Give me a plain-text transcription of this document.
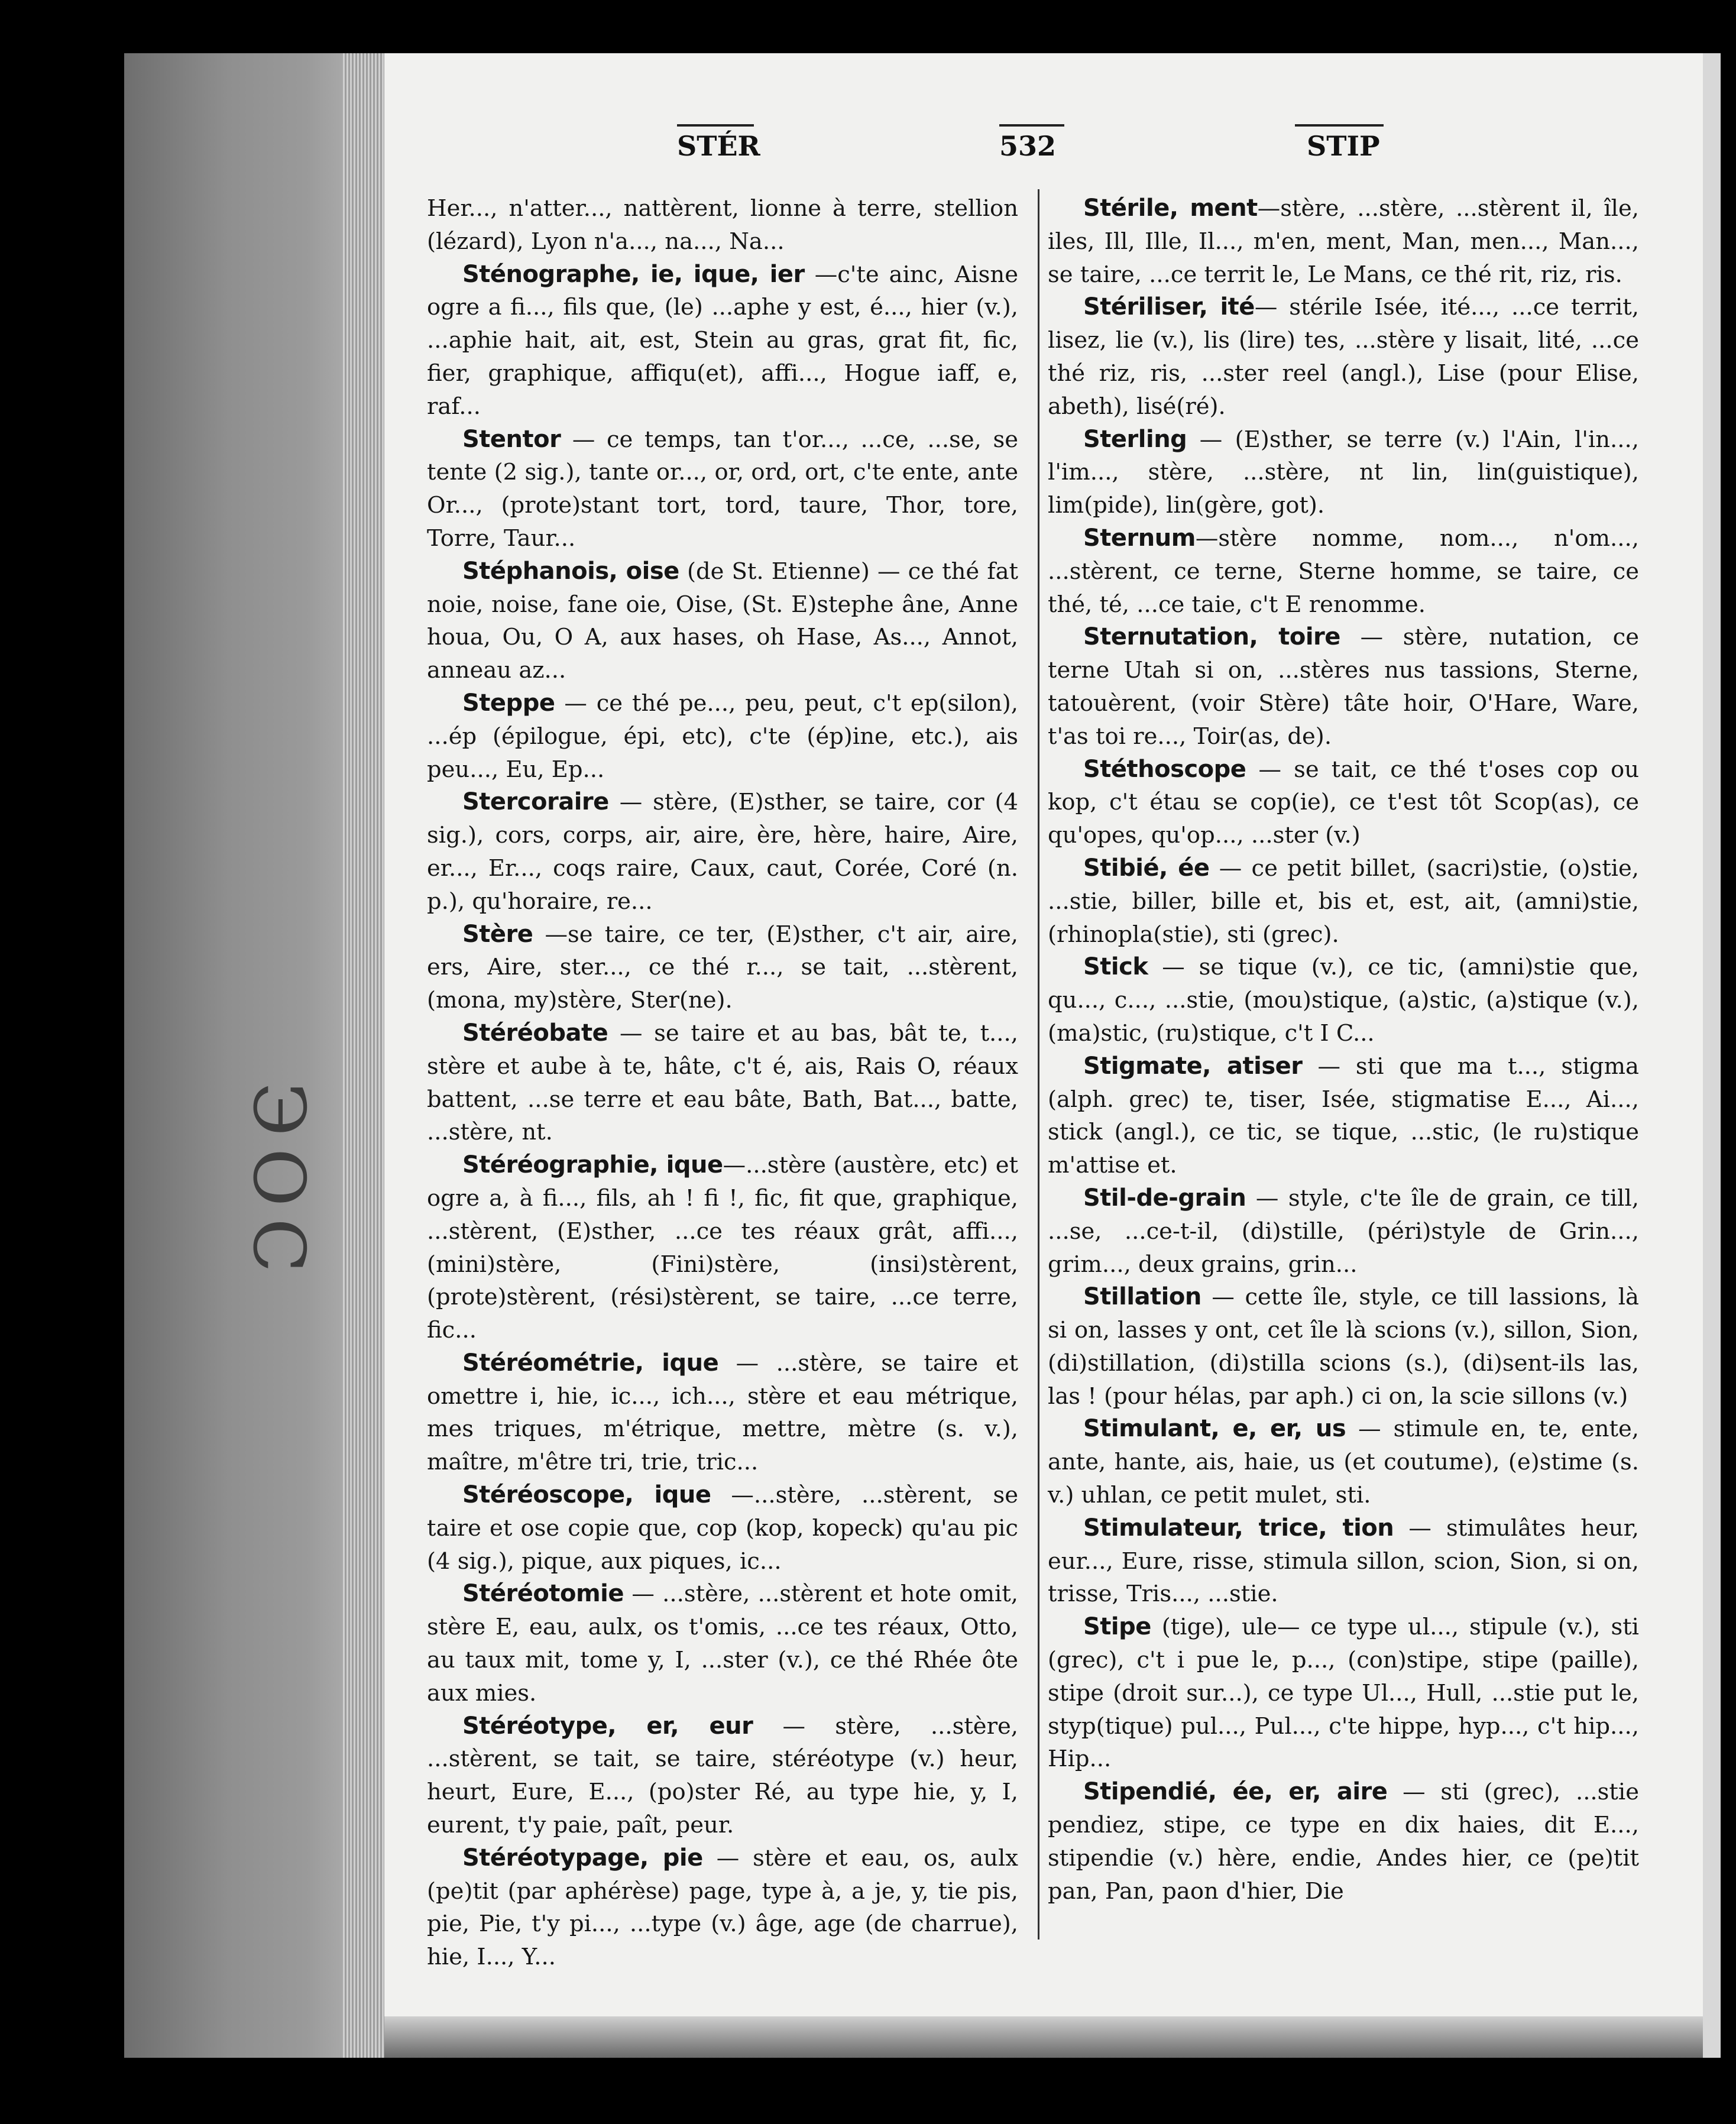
ЭОС
STÉR	532	STIP

Her..., n'atter..., nattèrent, lionne à terre, stellion (lézard), Lyon n'a..., na..., Na...

Sténographe, ie, ique, ier —c'te ainc, Aisne ogre a fi..., fils que, (le) ...aphe y est, é..., hier (v.), ...aphie hait, ait, est, Stein au gras, grat fit, fic, fier, graphique, affiqu(et), affi..., Hogue iaff, e, raf...

Stentor — ce temps, tan t'or..., ...ce, ...se, se tente (2 sig.), tante or..., or, ord, ort, c'te ente, ante Or..., (prote)stant tort, tord, taure, Thor, tore, Torre, Taur...

Stéphanois, oise (de St. Etienne) — ce thé fat noie, noise, fane oie, Oise, (St. E)stephe âne, Anne houa, Ou, O A, aux hases, oh Hase, As..., Annot, anneau az...

Steppe — ce thé pe..., peu, peut, c't ep(silon), ...ép (épilogue, épi, etc), c'te (ép)ine, etc.), ais peu..., Eu, Ep...

Stercoraire — stère, (E)sther, se taire, cor (4 sig.), cors, corps, air, aire, ère, hère, haire, Aire, er..., Er..., coqs raire, Caux, caut, Corée, Coré (n. p.), qu'horaire, re...

Stère —se taire, ce ter, (E)sther, c't air, aire, ers, Aire, ster..., ce thé r..., se tait, ...stèrent, (mona, my)stère, Ster(ne).

Stéréobate — se taire et au bas, bât te, t..., stère et aube à te, hâte, c't é, ais, Rais O, réaux battent, ...se terre et eau bâte, Bath, Bat..., batte, ...stère, nt.

Stéréographie, ique—...stère (austère, etc) et ogre a, à fi..., fils, ah ! fi !, fic, fit que, graphique, ...stèrent, (E)sther, ...ce tes réaux grât, affi..., (mini)stère, (Fini)stère, (insi)stèrent, (prote)stèrent, (rési)stèrent, se taire, ...ce terre, fic...

Stéréométrie, ique — ...stère, se taire et omettre i, hie, ic..., ich..., stère et eau métrique, mes triques, m'étrique, mettre, mètre (s. v.), maître, m'être tri, trie, tric...

Stéréoscope, ique —...stère, ...stèrent, se taire et ose copie que, cop (kop, kopeck) qu'au pic (4 sig.), pique, aux piques, ic...

Stéréotomie — ...stère, ...stèrent et hote omit, stère E, eau, aulx, os t'omis, ...ce tes réaux, Otto, au taux mit, tome y, I, ...ster (v.), ce thé Rhée ôte aux mies.

Stéréotype, er, eur — stère, ...stère, ...stèrent, se tait, se taire, stéréotype (v.) heur, heurt, Eure, E..., (po)ster Ré, au type hie, y, I, eurent, t'y paie, paît, peur.

Stéréotypage, pie — stère et eau, os, aulx (pe)tit (par aphérèse) page, type à, a je, y, tie pis, pie, Pie, t'y pi..., ...type (v.) âge, age (de charrue), hie, I..., Y...

Stérile, ment—stère, ...stère, ...stèrent il, île, iles, Ill, Ille, Il..., m'en, ment, Man, men..., Man..., se taire, ...ce territ le, Le Mans, ce thé rit, riz, ris.

Stériliser, ité— stérile Isée, ité..., ...ce territ, lisez, lie (v.), lis (lire) tes, ...stère y lisait, lité, ...ce thé riz, ris, ...ster reel (angl.), Lise (pour Elise, abeth), lisé(ré).

Sterling — (E)sther, se terre (v.) l'Ain, l'in..., l'im..., stère, ...stère, nt lin, lin(guistique), lim(pide), lin(gère, got).

Sternum—stère nomme, nom..., n'om..., ...stèrent, ce terne, Sterne homme, se taire, ce thé, té, ...ce taie, c't E renomme.

Sternutation, toire — stère, nutation, ce terne Utah si on, ...stères nus tassions, Sterne, tatouèrent, (voir Stère) tâte hoir, O'Hare, Ware, t'as toi re..., Toir(as, de).

Stéthoscope — se tait, ce thé t'oses cop ou kop, c't étau se cop(ie), ce t'est tôt Scop(as), ce qu'opes, qu'op..., ...ster (v.)

Stibié, ée — ce petit billet, (sacri)stie, (o)stie, ...stie, biller, bille et, bis et, est, ait, (amni)stie, (rhinopla(stie), sti (grec).

Stick — se tique (v.), ce tic, (amni)stie que, qu..., c..., ...stie, (mou)stique, (a)stic, (a)stique (v.), (ma)stic, (ru)stique, c't I C...

Stigmate, atiser — sti que ma t..., stigma (alph. grec) te, tiser, Isée, stigmatise E..., Ai..., stick (angl.), ce tic, se tique, ...stic, (le ru)stique m'attise et.

Stil-de-grain — style, c'te île de grain, ce till, ...se, ...ce-t-il, (di)stille, (péri)style de Grin..., grim..., deux grains, grin...

Stillation — cette île, style, ce till lassions, là si on, lasses y ont, cet île là scions (v.), sillon, Sion, (di)stillation, (di)stilla scions (s.), (di)sent-ils las, las ! (pour hélas, par aph.) ci on, la scie sillons (v.)

Stimulant, e, er, us — stimule en, te, ente, ante, hante, ais, haie, us (et coutume), (e)stime (s. v.) uhlan, ce petit mulet, sti.

Stimulateur, trice, tion — stimulâtes heur, eur..., Eure, risse, stimula sillon, scion, Sion, si on, trisse, Tris..., ...stie.

Stipe (tige), ule— ce type ul..., stipule (v.), sti (grec), c't i pue le, p..., (con)stipe, stipe (paille), stipe (droit sur...), ce type Ul..., Hull, ...stie put le, styp(tique) pul..., Pul..., c'te hippe, hyp..., c't hip..., Hip...

Stipendié, ée, er, aire — sti (grec), ...stie pendiez, stipe, ce type en dix haies, dit E..., stipendie (v.) hère, endie, Andes hier, ce (pe)tit pan, Pan, paon d'hier, Die
